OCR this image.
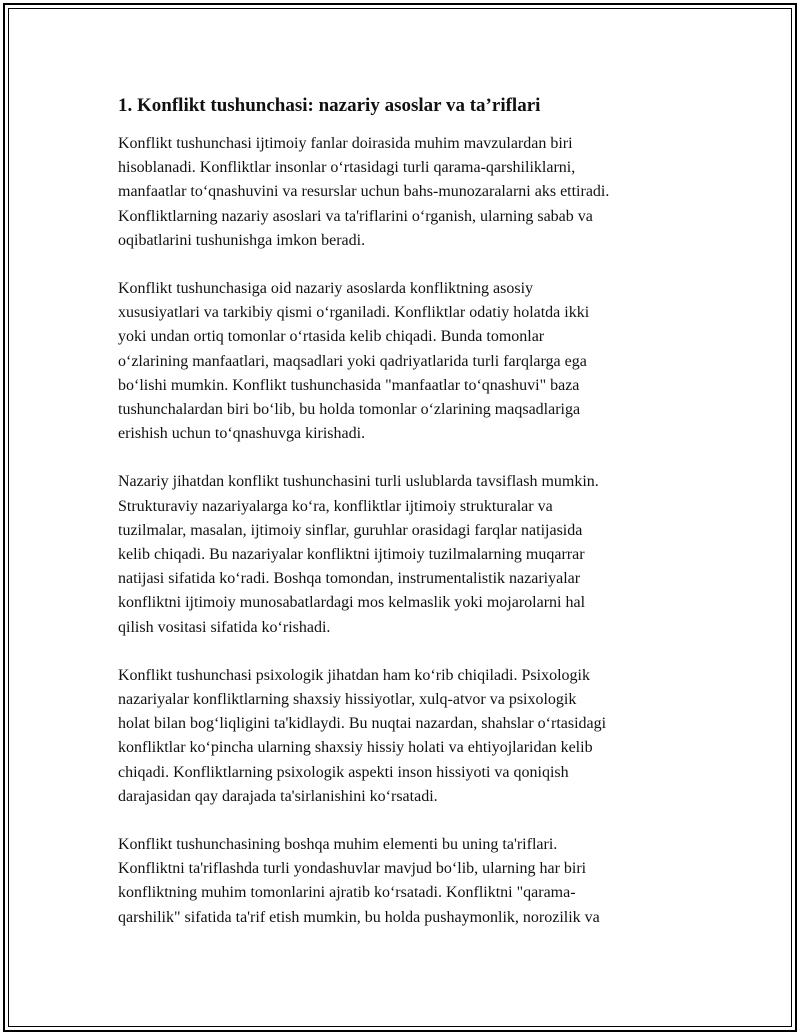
1. Konflikt tushunchasi: nazariy asoslar va ta’riflari

Konflikt tushunchasi ijtimoiy fanlar doirasida muhim mavzulardan biri
hisoblanadi. Konfliktlar insonlar o‘rtasidagi turli qarama-qarshiliklarni,
manfaatlar to‘qnashuvini va resurslar uchun bahs-munozaralarni aks ettiradi.
Konfliktlarning nazariy asoslari va ta'riflarini o‘rganish, ularning sabab va
oqibatlarini tushunishga imkon beradi.

Konflikt tushunchasiga oid nazariy asoslarda konfliktning asosiy
xususiyatlari va tarkibiy qismi o‘rganiladi. Konfliktlar odatiy holatda ikki
yoki undan ortiq tomonlar o‘rtasida kelib chiqadi. Bunda tomonlar
o‘zlarining manfaatlari, maqsadlari yoki qadriyatlarida turli farqlarga ega
bo‘lishi mumkin. Konflikt tushunchasida "manfaatlar to‘qnashuvi" baza
tushunchalardan biri bo‘lib, bu holda tomonlar o‘zlarining maqsadlariga
erishish uchun to‘qnashuvga kirishadi.

Nazariy jihatdan konflikt tushunchasini turli uslublarda tavsiflash mumkin.
Strukturaviy nazariyalarga ko‘ra, konfliktlar ijtimoiy strukturalar va
tuzilmalar, masalan, ijtimoiy sinflar, guruhlar orasidagi farqlar natijasida
kelib chiqadi. Bu nazariyalar konfliktni ijtimoiy tuzilmalarning muqarrar
natijasi sifatida ko‘radi. Boshqa tomondan, instrumentalistik nazariyalar
konfliktni ijtimoiy munosabatlardagi mos kelmaslik yoki mojarolarni hal
qilish vositasi sifatida ko‘rishadi.

Konflikt tushunchasi psixologik jihatdan ham ko‘rib chiqiladi. Psixologik
nazariyalar konfliktlarning shaxsiy hissiyotlar, xulq-atvor va psixologik
holat bilan bog‘liqligini ta'kidlaydi. Bu nuqtai nazardan, shahslar o‘rtasidagi
konfliktlar ko‘pincha ularning shaxsiy hissiy holati va ehtiyojlaridan kelib
chiqadi. Konfliktlarning psixologik aspekti inson hissiyoti va qoniqish
darajasidan qay darajada ta'sirlanishini ko‘rsatadi.

Konflikt tushunchasining boshqa muhim elementi bu uning ta'riflari.
Konfliktni ta'riflashda turli yondashuvlar mavjud bo‘lib, ularning har biri
konfliktning muhim tomonlarini ajratib ko‘rsatadi. Konfliktni "qarama-
qarshilik" sifatida ta'rif etish mumkin, bu holda pushaymonlik, norozilik va
